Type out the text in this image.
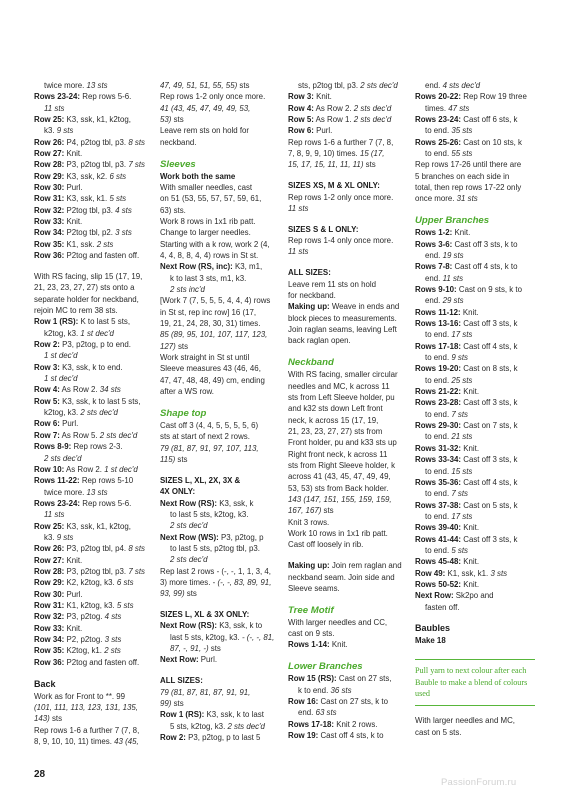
twice more. 13 sts

Rows 23-24: Rep rows 5-6.

11 sts

Row 25: K3, ssk, k1, k2tog,

k3. 9 sts

Row 26: P4, p2tog tbl, p3. 8 sts

Row 27: Knit.

Row 28: P3, p2tog tbl, p3. 7 sts

Row 29: K3, ssk, k2. 6 sts

Row 30: Purl.

Row 31: K3, ssk, k1. 5 sts

Row 32: P2tog tbl, p3. 4 sts

Row 33: Knit.

Row 34: P2tog tbl, p2. 3 sts

Row 35: K1, ssk. 2 sts

Row 36: P2tog and fasten off.

With RS facing, slip 15 (17, 19,

21, 23, 23, 27, 27) sts onto a

separate holder for neckband,

rejoin MC to rem 38 sts.

Row 1 (RS): K to last 5 sts,

k2tog, k3. 1 st dec'd

Row 2: P3, p2tog, p to end.

1 st dec'd

Row 3: K3, ssk, k to end.

1 st dec'd

Row 4: As Row 2. 34 sts

Row 5: K3, ssk, k to last 5 sts,

k2tog, k3. 2 sts dec'd

Row 6: Purl.

Row 7: As Row 5. 2 sts dec'd

Rows 8-9: Rep rows 2-3.

2 sts dec'd

Row 10: As Row 2. 1 st dec'd

Rows 11-22: Rep rows 5-10

twice more. 13 sts

Rows 23-24: Rep rows 5-6.

11 sts

Row 25: K3, ssk, k1, k2tog,

k3. 9 sts

Row 26: P3, p2tog tbl, p4. 8 sts

Row 27: Knit.

Row 28: P3, p2tog tbl, p3. 7 sts

Row 29: K2, k2tog, k3. 6 sts

Row 30: Purl.

Row 31: K1, k2tog, k3. 5 sts

Row 32: P3, p2tog. 4 sts

Row 33: Knit.

Row 34: P2, p2tog. 3 sts

Row 35: K2tog, k1. 2 sts

Row 36: P2tog and fasten off.

Back

Work as for Front to **. 99

(101, 111, 113, 123, 131, 135,

143) sts

Rep rows 1-6 a further 7 (7, 8,

8, 9, 10, 10, 11) times. 43 (45,

47, 49, 51, 51, 55, 55) sts

Rep rows 1-2 only once more.

41 (43, 45, 47, 49, 49, 53,

53) sts

Leave rem sts on hold for

neckband.

Sleeves

Work both the same

With smaller needles, cast

on 51 (53, 55, 57, 57, 59, 61,

63) sts.

Work 8 rows in 1x1 rib patt.

Change to larger needles.

Starting with a k row, work 2 (4,

4, 4, 8, 8, 4, 4) rows in St st.

Next Row (RS, inc): K3, m1,

k to last 3 sts, m1, k3.

2 sts inc'd

[Work 7 (7, 5, 5, 5, 4, 4, 4) rows

in St st, rep inc row] 16 (17,

19, 21, 24, 28, 30, 31) times.

85 (89, 95, 101, 107, 117, 123,

127) sts

Work straight in St st until

Sleeve measures 43 (46, 46,

47, 47, 48, 48, 49) cm, ending

after a WS row.

Shape top

Cast off 3 (4, 4, 5, 5, 5, 5, 6)

sts at start of next 2 rows.

79 (81, 87, 91, 97, 107, 113,

115) sts

SIZES L, XL, 2X, 3X &

4X ONLY:

Next Row (RS): K3, ssk, k

to last 5 sts, k2tog, k3.

2 sts dec'd

Next Row (WS): P3, p2tog, p

to last 5 sts, p2tog tbl, p3.

2 sts dec'd

Rep last 2 rows - (-, -, 1, 1, 3, 4,

3) more times. - (-, -, 83, 89, 91,

93, 99) sts

SIZES L, XL & 3X ONLY:

Next Row (RS): K3, ssk, k to

last 5 sts, k2tog, k3. - (-, -, 81,

87, -, 91, -) sts

Next Row: Purl.

ALL SIZES:

79 (81, 87, 81, 87, 91, 91,

99) sts

Row 1 (RS): K3, ssk, k to last

5 sts, k2tog, k3. 2 sts dec'd

Row 2: P3, p2tog, p to last 5

sts, p2tog tbl, p3. 2 sts dec'd

Row 3: Knit.

Row 4: As Row 2. 2 sts dec'd

Row 5: As Row 1. 2 sts dec'd

Row 6: Purl.

Rep rows 1-6 a further 7 (7, 8,

7, 8, 9, 9, 10) times. 15 (17,

15, 17, 15, 11, 11, 11) sts

SIZES XS, M & XL ONLY:

Rep rows 1-2 only once more.

11 sts

SIZES S & L ONLY:

Rep rows 1-4 only once more.

11 sts

ALL SIZES:

Leave rem 11 sts on hold

for neckband.

Making up: Weave in ends and

block pieces to measurements.

Join raglan seams, leaving Left

back raglan open.

Neckband

With RS facing, smaller circular

needles and MC, k across 11

sts from Left Sleeve holder, pu

and k32 sts down Left front

neck, k across 15 (17, 19,

21, 23, 23, 27, 27) sts from

Front holder, pu and k33 sts up

Right front neck, k across 11

sts from Right Sleeve holder, k

across 41 (43, 45, 47, 49, 49,

53, 53) sts from Back holder.

143 (147, 151, 155, 159, 159,

167, 167) sts

Knit 3 rows.

Work 10 rows in 1x1 rib patt.

Cast off loosely in rib.

Making up: Join rem raglan and

neckband seam. Join side and

Sleeve seams.

Tree Motif

With larger needles and CC,

cast on 9 sts.

Rows 1-14: Knit.

Lower Branches

Row 15 (RS): Cast on 27 sts,

k to end. 36 sts

Row 16: Cast on 27 sts, k to

end. 63 sts

Rows 17-18: Knit 2 rows.

Row 19: Cast off 4 sts, k to

end. 4 sts dec'd

Rows 20-22: Rep Row 19 three

times. 47 sts

Rows 23-24: Cast off 6 sts, k

to end. 35 sts

Rows 25-26: Cast on 10 sts, k

to end. 55 sts

Rep rows 17-26 until there are

5 branches on each side in

total, then rep rows 17-22 only

once more. 31 sts

Upper Branches

Rows 1-2: Knit.

Rows 3-6: Cast off 3 sts, k to

end. 19 sts

Rows 7-8: Cast off 4 sts, k to

end. 11 sts

Rows 9-10: Cast on 9 sts, k to

end. 29 sts

Rows 11-12: Knit.

Rows 13-16: Cast off 3 sts, k

to end. 17 sts

Rows 17-18: Cast off 4 sts, k

to end. 9 sts

Rows 19-20: Cast on 8 sts, k

to end. 25 sts

Rows 21-22: Knit.

Rows 23-28: Cast off 3 sts, k

to end. 7 sts

Rows 29-30: Cast on 7 sts, k

to end. 21 sts

Rows 31-32: Knit.

Rows 33-34: Cast off 3 sts, k

to end. 15 sts

Rows 35-36: Cast off 4 sts, k

to end. 7 sts

Rows 37-38: Cast on 5 sts, k

to end. 17 sts

Rows 39-40: Knit.

Rows 41-44: Cast off 3 sts, k

to end. 5 sts

Rows 45-48: Knit.

Row 49: K1, ssk, k1. 3 sts

Rows 50-52: Knit.

Next Row: Sk2po and

fasten off.

Baubles

Make 18

Pull yarn to next colour after each Bauble to make a blend of colours used

With larger needles and MC,

cast on 5 sts.

28
PassionForum.ru
